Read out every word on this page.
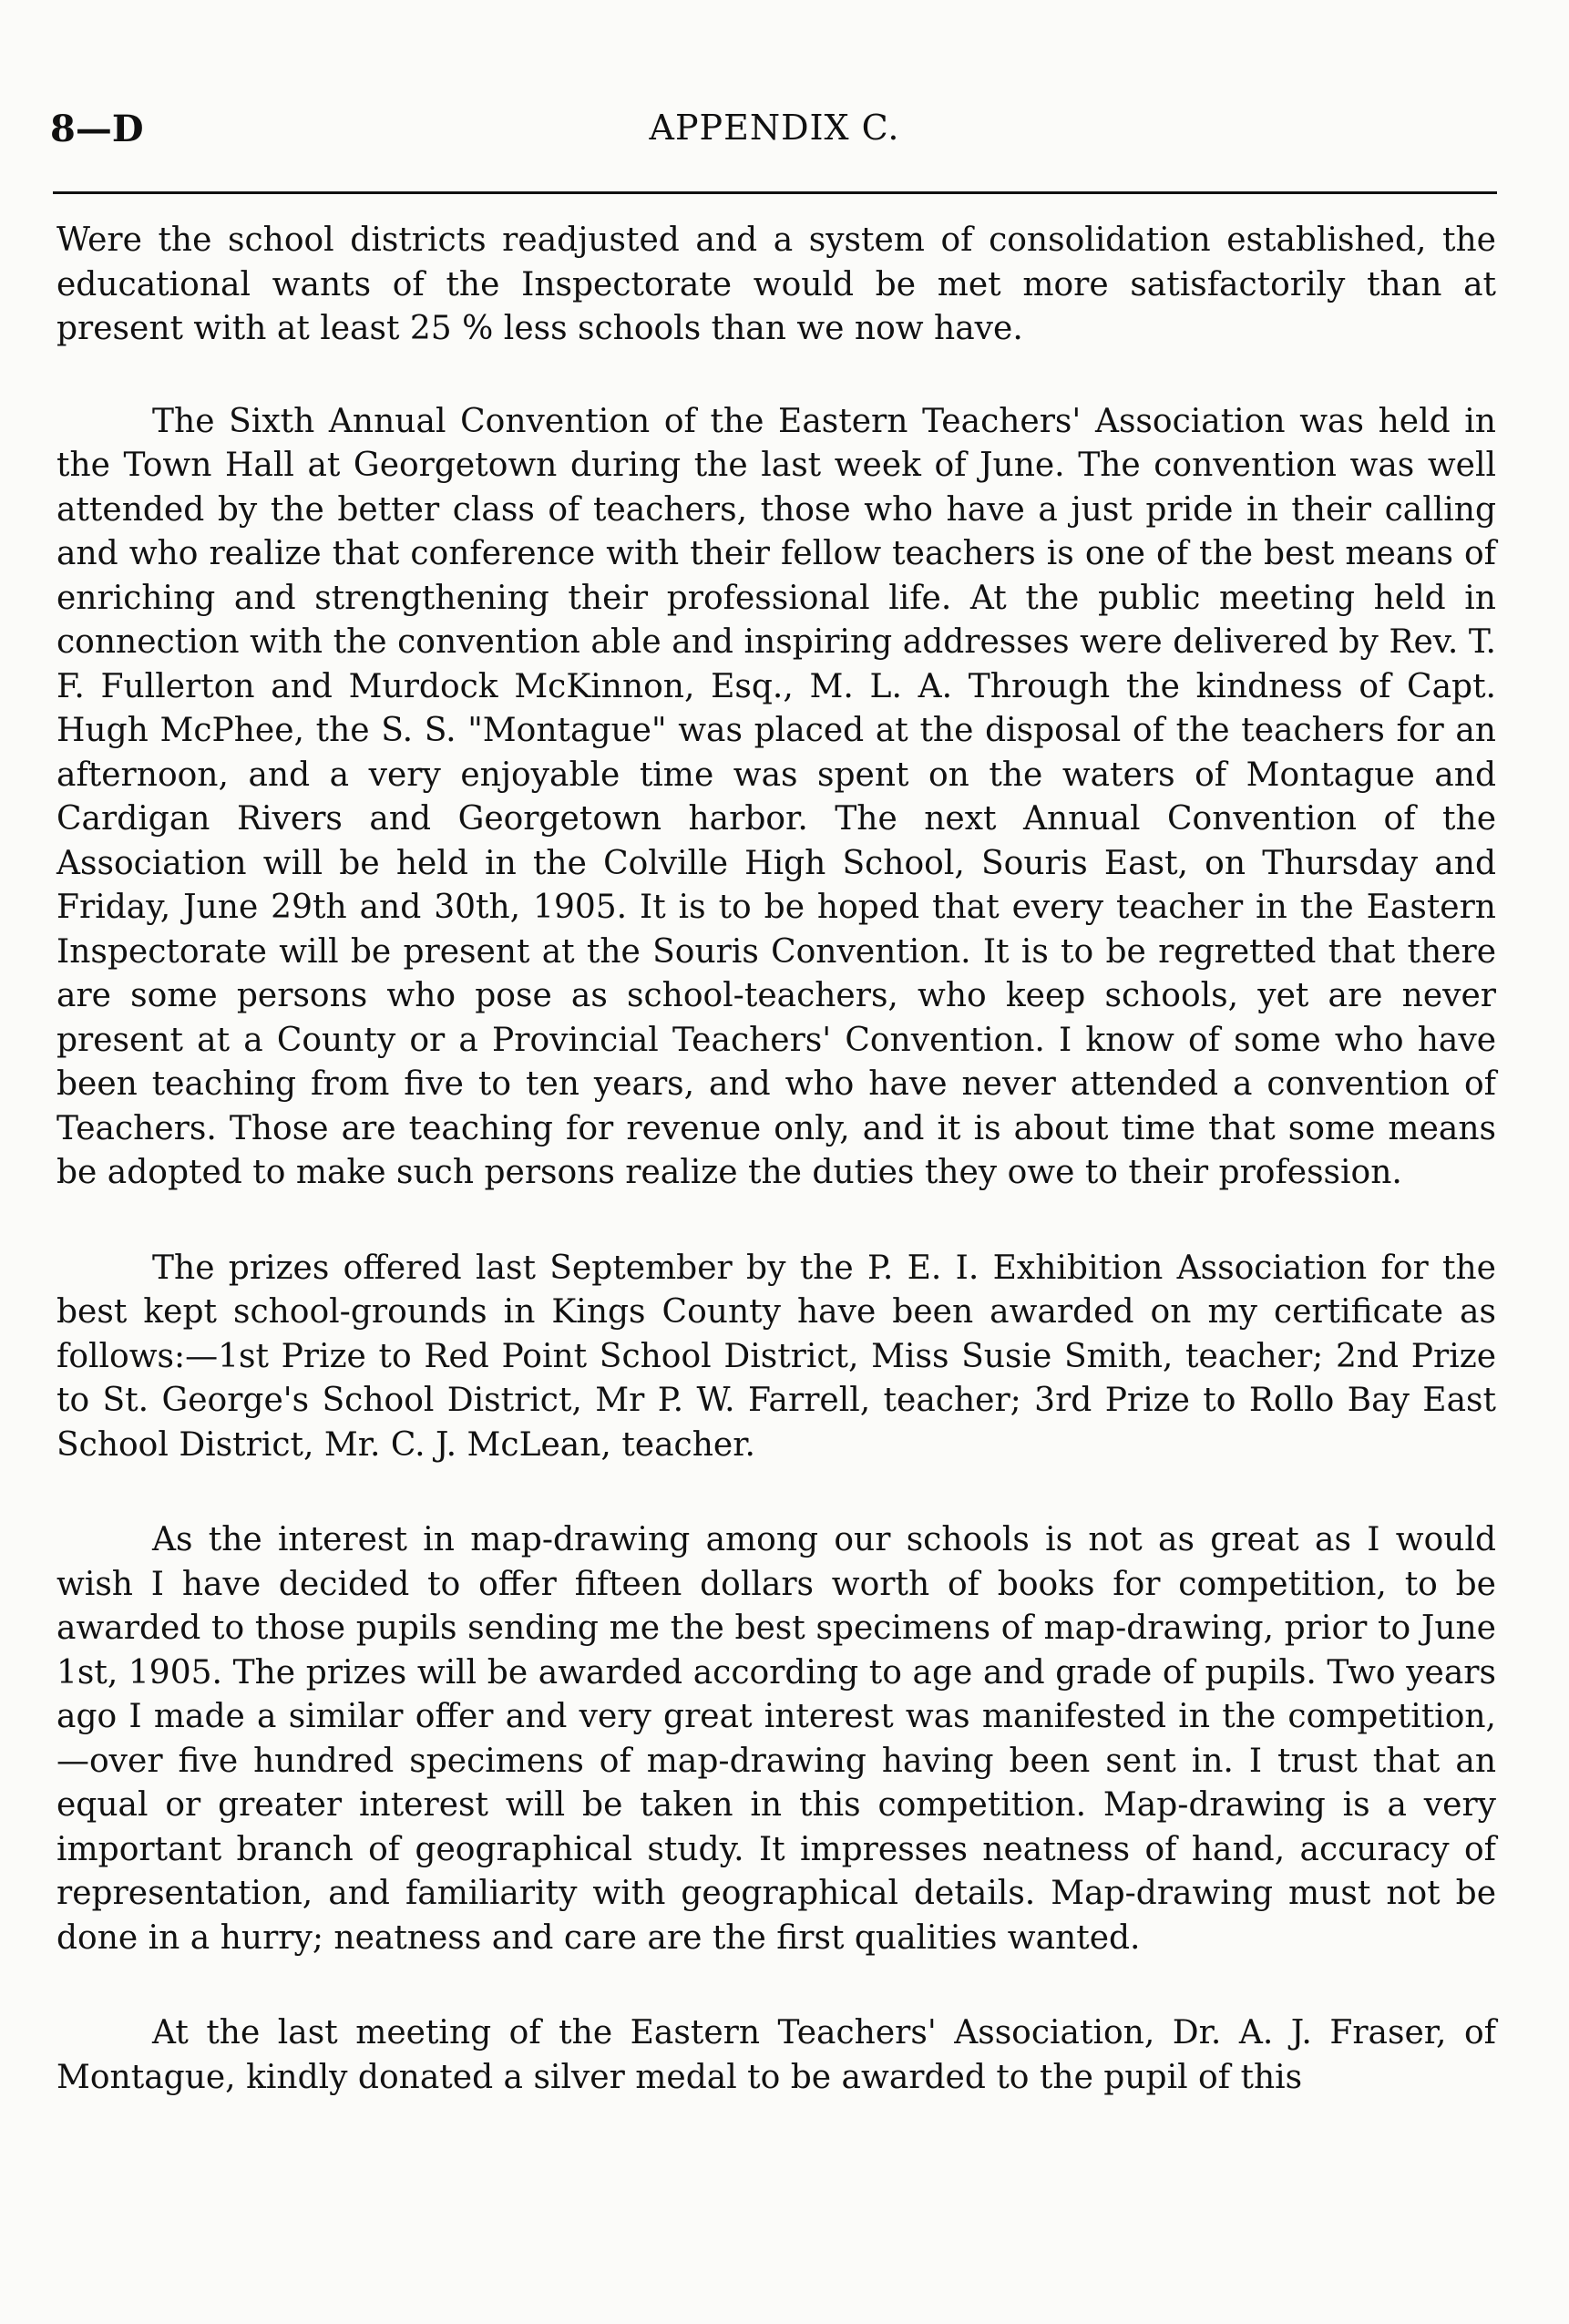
8—D	APPENDIX C.

Were the school districts readjusted and a system of consolidation established, the educational wants of the Inspectorate would be met more satisfactorily than at present with at least 25 % less schools than we now have.

The Sixth Annual Convention of the Eastern Teachers' Association was held in the Town Hall at Georgetown during the last week of June. The convention was well attended by the better class of teachers, those who have a just pride in their calling and who realize that conference with their fellow teachers is one of the best means of enriching and strengthening their professional life. At the public meeting held in connection with the convention able and inspiring addresses were delivered by Rev. T. F. Fullerton and Murdock McKinnon, Esq., M. L. A. Through the kindness of Capt. Hugh McPhee, the S. S. "Montague" was placed at the disposal of the teachers for an afternoon, and a very enjoyable time was spent on the waters of Montague and Cardigan Rivers and Georgetown harbor. The next Annual Convention of the Association will be held in the Colville High School, Souris East, on Thursday and Friday, June 29th and 30th, 1905. It is to be hoped that every teacher in the Eastern Inspectorate will be present at the Souris Convention. It is to be regretted that there are some persons who pose as school-teachers, who keep schools, yet are never present at a County or a Provincial Teachers' Convention. I know of some who have been teaching from five to ten years, and who have never attended a convention of Teachers. Those are teaching for revenue only, and it is about time that some means be adopted to make such persons realize the duties they owe to their profession.

The prizes offered last September by the P. E. I. Exhibition Association for the best kept school-grounds in Kings County have been awarded on my certificate as follows:—1st Prize to Red Point School District, Miss Susie Smith, teacher; 2nd Prize to St. George's School District, Mr P. W. Farrell, teacher; 3rd Prize to Rollo Bay East School District, Mr. C. J. McLean, teacher.

As the interest in map-drawing among our schools is not as great as I would wish I have decided to offer fifteen dollars worth of books for competition, to be awarded to those pupils sending me the best specimens of map-drawing, prior to June 1st, 1905. The prizes will be awarded according to age and grade of pupils. Two years ago I made a similar offer and very great interest was manifested in the competition,—over five hundred specimens of map-drawing having been sent in. I trust that an equal or greater interest will be taken in this competition. Map-drawing is a very important branch of geographical study. It impresses neatness of hand, accuracy of representation, and familiarity with geographical details. Map-drawing must not be done in a hurry; neatness and care are the first qualities wanted.

At the last meeting of the Eastern Teachers' Association, Dr. A. J. Fraser, of Montague, kindly donated a silver medal to be awarded to the pupil of this
